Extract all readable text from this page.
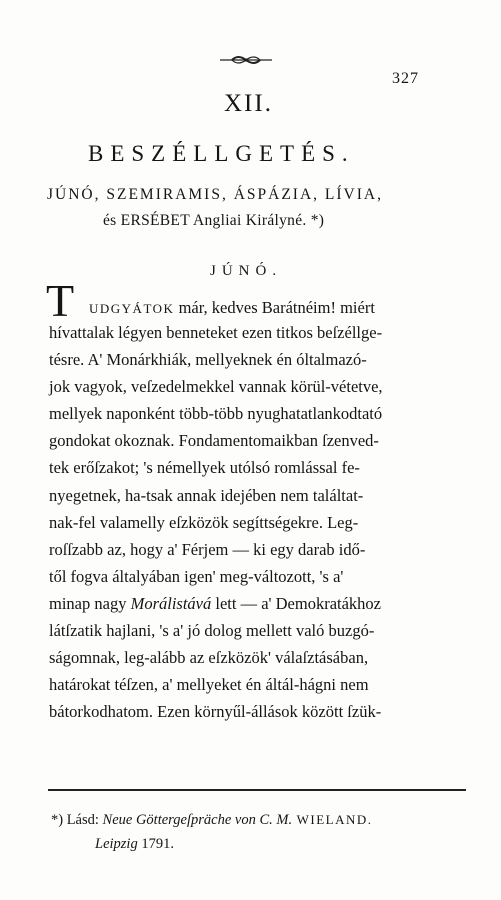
327
XII.
BESZÉLLGETÉS.
JÚNÓ, SZEMIRAMIS, ÁSPÁZIA, LÍVIA,
és ERSÉBET Angliai Királyné. *)
JÚNÓ.
T UDGYÁTOK már, kedves Barátnéim! miért
hívattalak légyen benneteket ezen titkos beſzéllge-
tésre. A' Monárkhiák, mellyeknek én óltalmazó-
jok vagyok, veſzedelmekkel vannak körül-vétetve,
mellyek naponként több-több nyughatatlankodtató
gondokat okoznak. Fondamentomaikban ſzenved-
tek erőſzakot; 's némellyek utólsó romlással fe-
nyegetnek, ha-tsak annak idejében nem találtat-
nak-fel valamelly eſzközök segíttségekre. Leg-
roſſzabb az, hogy a' Férjem — ki egy darab idő-
től fogva általyában igen' meg-változott, 's a'
minap nagy Morálistává lett — a' Demokratákhoz
látſzatik hajlani, 's a' jó dolog mellett való buzgó-
ságomnak, leg-alább az eſzközök' válaſztásában,
határokat téſzen, a' mellyeket én áltál-hágni nem
bátorkodhatom. Ezen környűl-állások között ſzük-
*) Lásd: Neue Göttergeſpräche von C. M. WIELAND.
Leipzig 1791.
